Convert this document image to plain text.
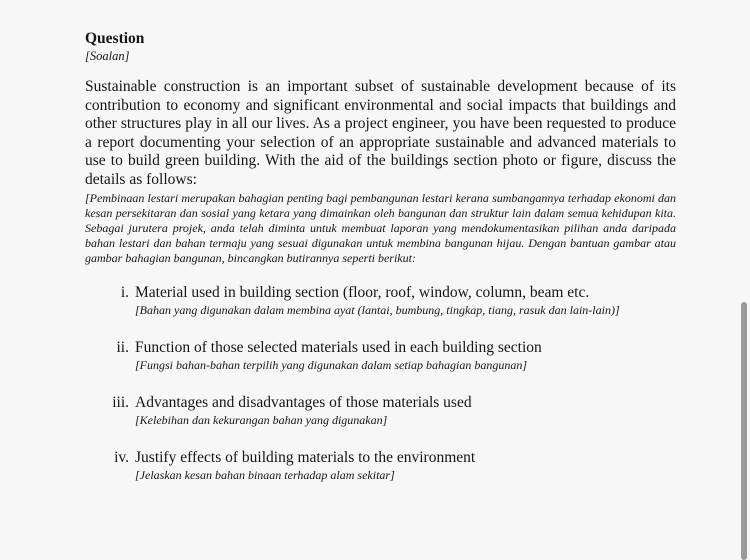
Question
[Soalan]
Sustainable construction is an important subset of sustainable development because of its contribution to economy and significant environmental and social impacts that buildings and other structures play in all our lives. As a project engineer, you have been requested to produce a report documenting your selection of an appropriate sustainable and advanced materials to use to build green building. With the aid of the buildings section photo or figure, discuss the details as follows:
[Pembinaan lestari merupakan bahagian penting bagi pembangunan lestari kerana sumbangannya terhadap ekonomi dan kesan persekitaran dan sosial yang ketara yang dimainkan oleh bangunan dan struktur lain dalam semua kehidupan kita. Sebagai jurutera projek, anda telah diminta untuk membuat laporan yang mendokumentasikan pilihan anda daripada bahan lestari dan bahan termaju yang sesuai digunakan untuk membina bangunan hijau. Dengan bantuan gambar atau gambar bahagian bangunan, bincangkan butirannya seperti berikut:
i. Material used in building section (floor, roof, window, column, beam etc.
[Bahan yang digunakan dalam membina ayat (lantai, bumbung, tingkap, tiang, rasuk dan lain-lain)]
ii. Function of those selected materials used in each building section
[Fungsi bahan-bahan terpilih yang digunakan dalam setiap bahagian bangunan]
iii. Advantages and disadvantages of those materials used
[Kelebihan dan kekurangan bahan yang digunakan]
iv. Justify effects of building materials to the environment
[Jelaskan kesan bahan binaan terhadap alam sekitar]
